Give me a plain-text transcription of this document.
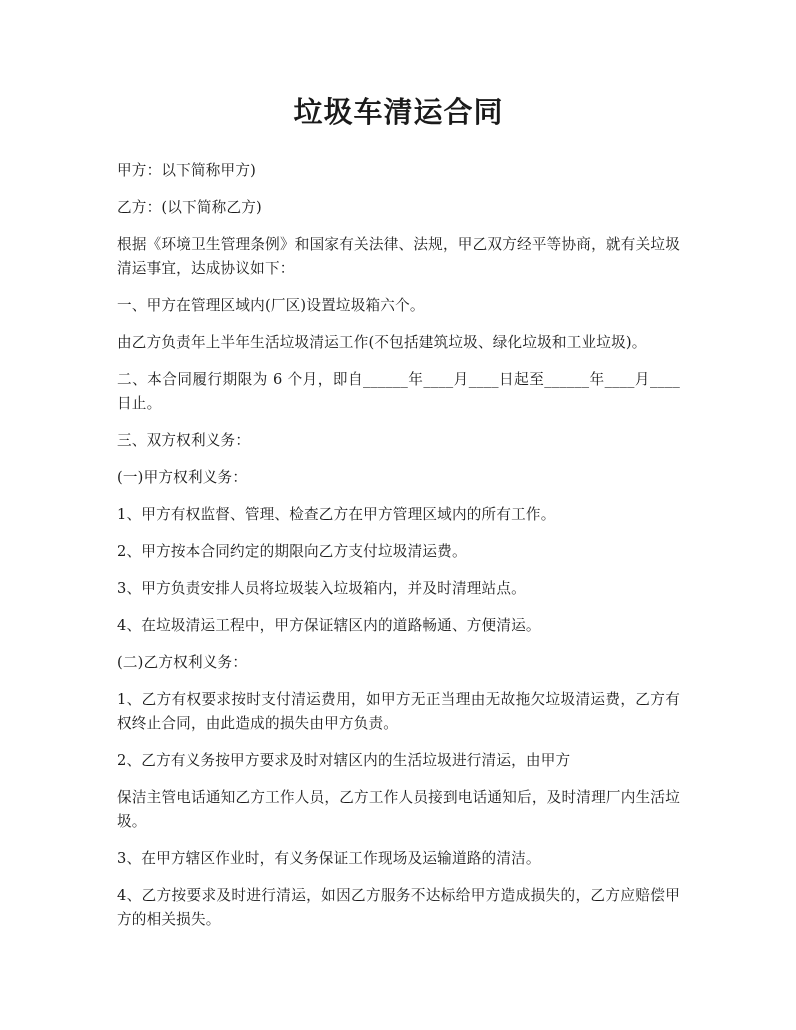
垃圾车清运合同

甲方：以下简称甲方)

乙方：(以下简称乙方)

根据《环境卫生管理条例》和国家有关法律、法规，甲乙双方经平等协商，就有关垃圾清运事宜，达成协议如下：

一、甲方在管理区域内(厂区)设置垃圾箱六个。

由乙方负责年上半年生活垃圾清运工作(不包括建筑垃圾、绿化垃圾和工业垃圾)。

二、本合同履行期限为 6 个月，即自______年____月____日起至______年____月____日止。

三、双方权利义务：

(一)甲方权利义务：

1、甲方有权监督、管理、检查乙方在甲方管理区域内的所有工作。

2、甲方按本合同约定的期限向乙方支付垃圾清运费。

3、甲方负责安排人员将垃圾装入垃圾箱内，并及时清理站点。

4、在垃圾清运工程中，甲方保证辖区内的道路畅通、方便清运。

(二)乙方权利义务：

1、乙方有权要求按时支付清运费用，如甲方无正当理由无故拖欠垃圾清运费，乙方有权终止合同，由此造成的损失由甲方负责。

2、乙方有义务按甲方要求及时对辖区内的生活垃圾进行清运，由甲方

保洁主管电话通知乙方工作人员，乙方工作人员接到电话通知后，及时清理厂内生活垃圾。

3、在甲方辖区作业时，有义务保证工作现场及运输道路的清洁。

4、乙方按要求及时进行清运，如因乙方服务不达标给甲方造成损失的，乙方应赔偿甲方的相关损失。
